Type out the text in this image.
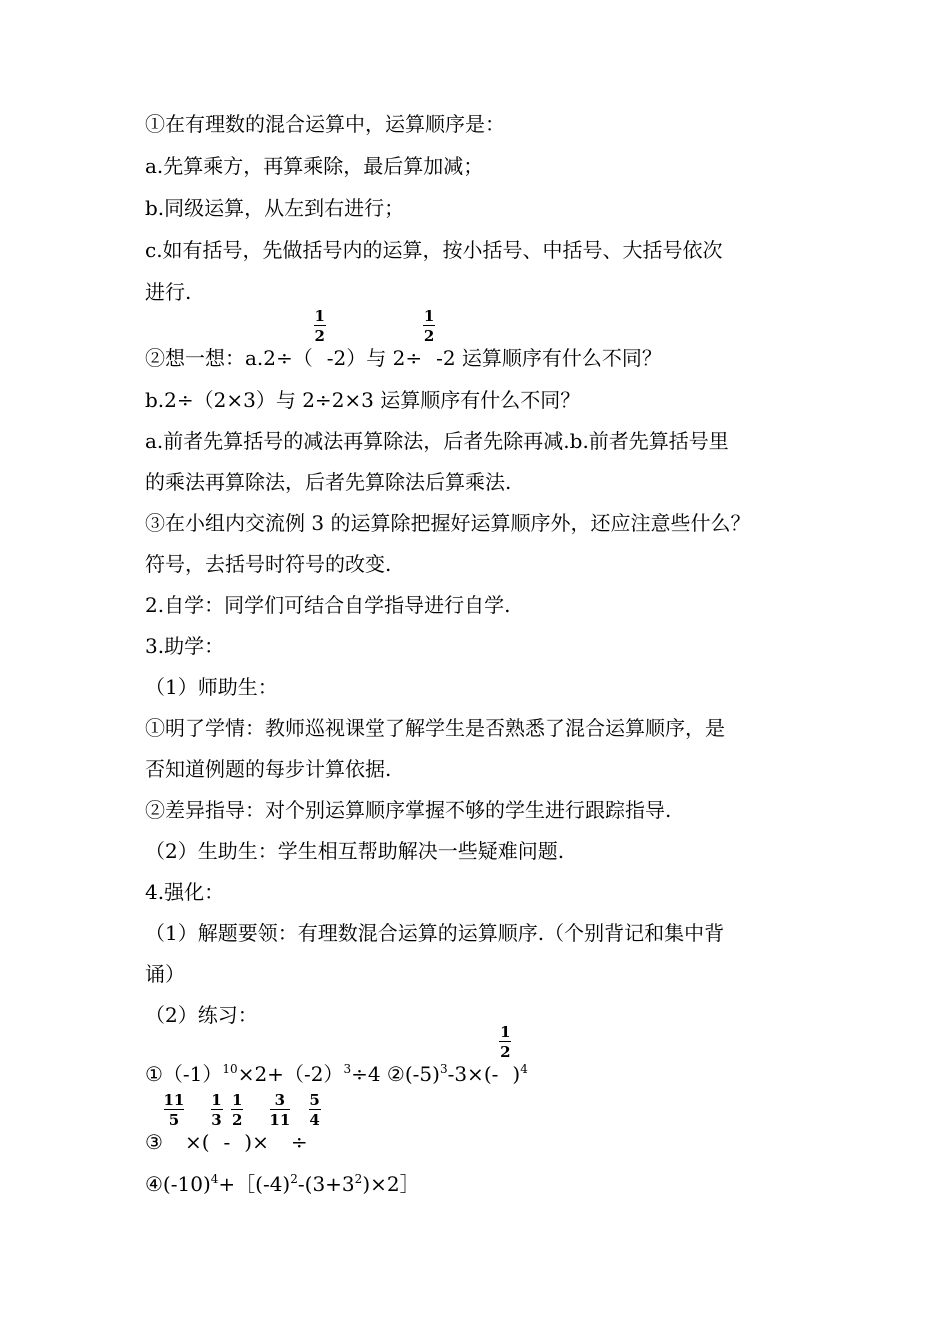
①在有理数的混合运算中，运算顺序是：
a.先算乘方，再算乘除，最后算加减；
b.同级运算，从左到右进行；
c.如有括号，先做括号内的运算，按小括号、中括号、大括号依次
进行.
②想一想：$a.2\div( \frac{1}{2} -2)$与 $2\div \frac{1}{2} -2$ 运算顺序有什么不同？
b.2÷（2×3）与 2÷2×3 运算顺序有什么不同？
a.前者先算括号的减法再算除法，后者先除再减.b.前者先算括号里
的乘法再算除法，后者先算除法后算乘法.
③在小组内交流例 3 的运算除把握好运算顺序外，还应注意些什么？
符号，去括号时符号的改变.
2.自学：同学们可结合自学指导进行自学.
3.助学：
（1）师助生：
①明了学情：教师巡视课堂了解学生是否熟悉了混合运算顺序，是
否知道例题的每步计算依据.
②差异指导：对个别运算顺序掌握不够的学生进行跟踪指导.
（2）生助生：学生相互帮助解决一些疑难问题.
4.强化：
（1）解题要领：有理数混合运算的运算顺序.（个别背记和集中背
诵）
（2）练习：
$①(-1)^{10}\times 2+(-2)^3\div 4$ $②(-5)^3-3\times(- \frac{1}{2} )^4$
③ $\frac{11}{5}$ ×( $\frac{1}{3} - \frac{1}{2}$ )× $\frac{3}{11} \div \frac{5}{4}$
$④(-10)^4+[(-4)^2-(3+3^2)\times 2]$
